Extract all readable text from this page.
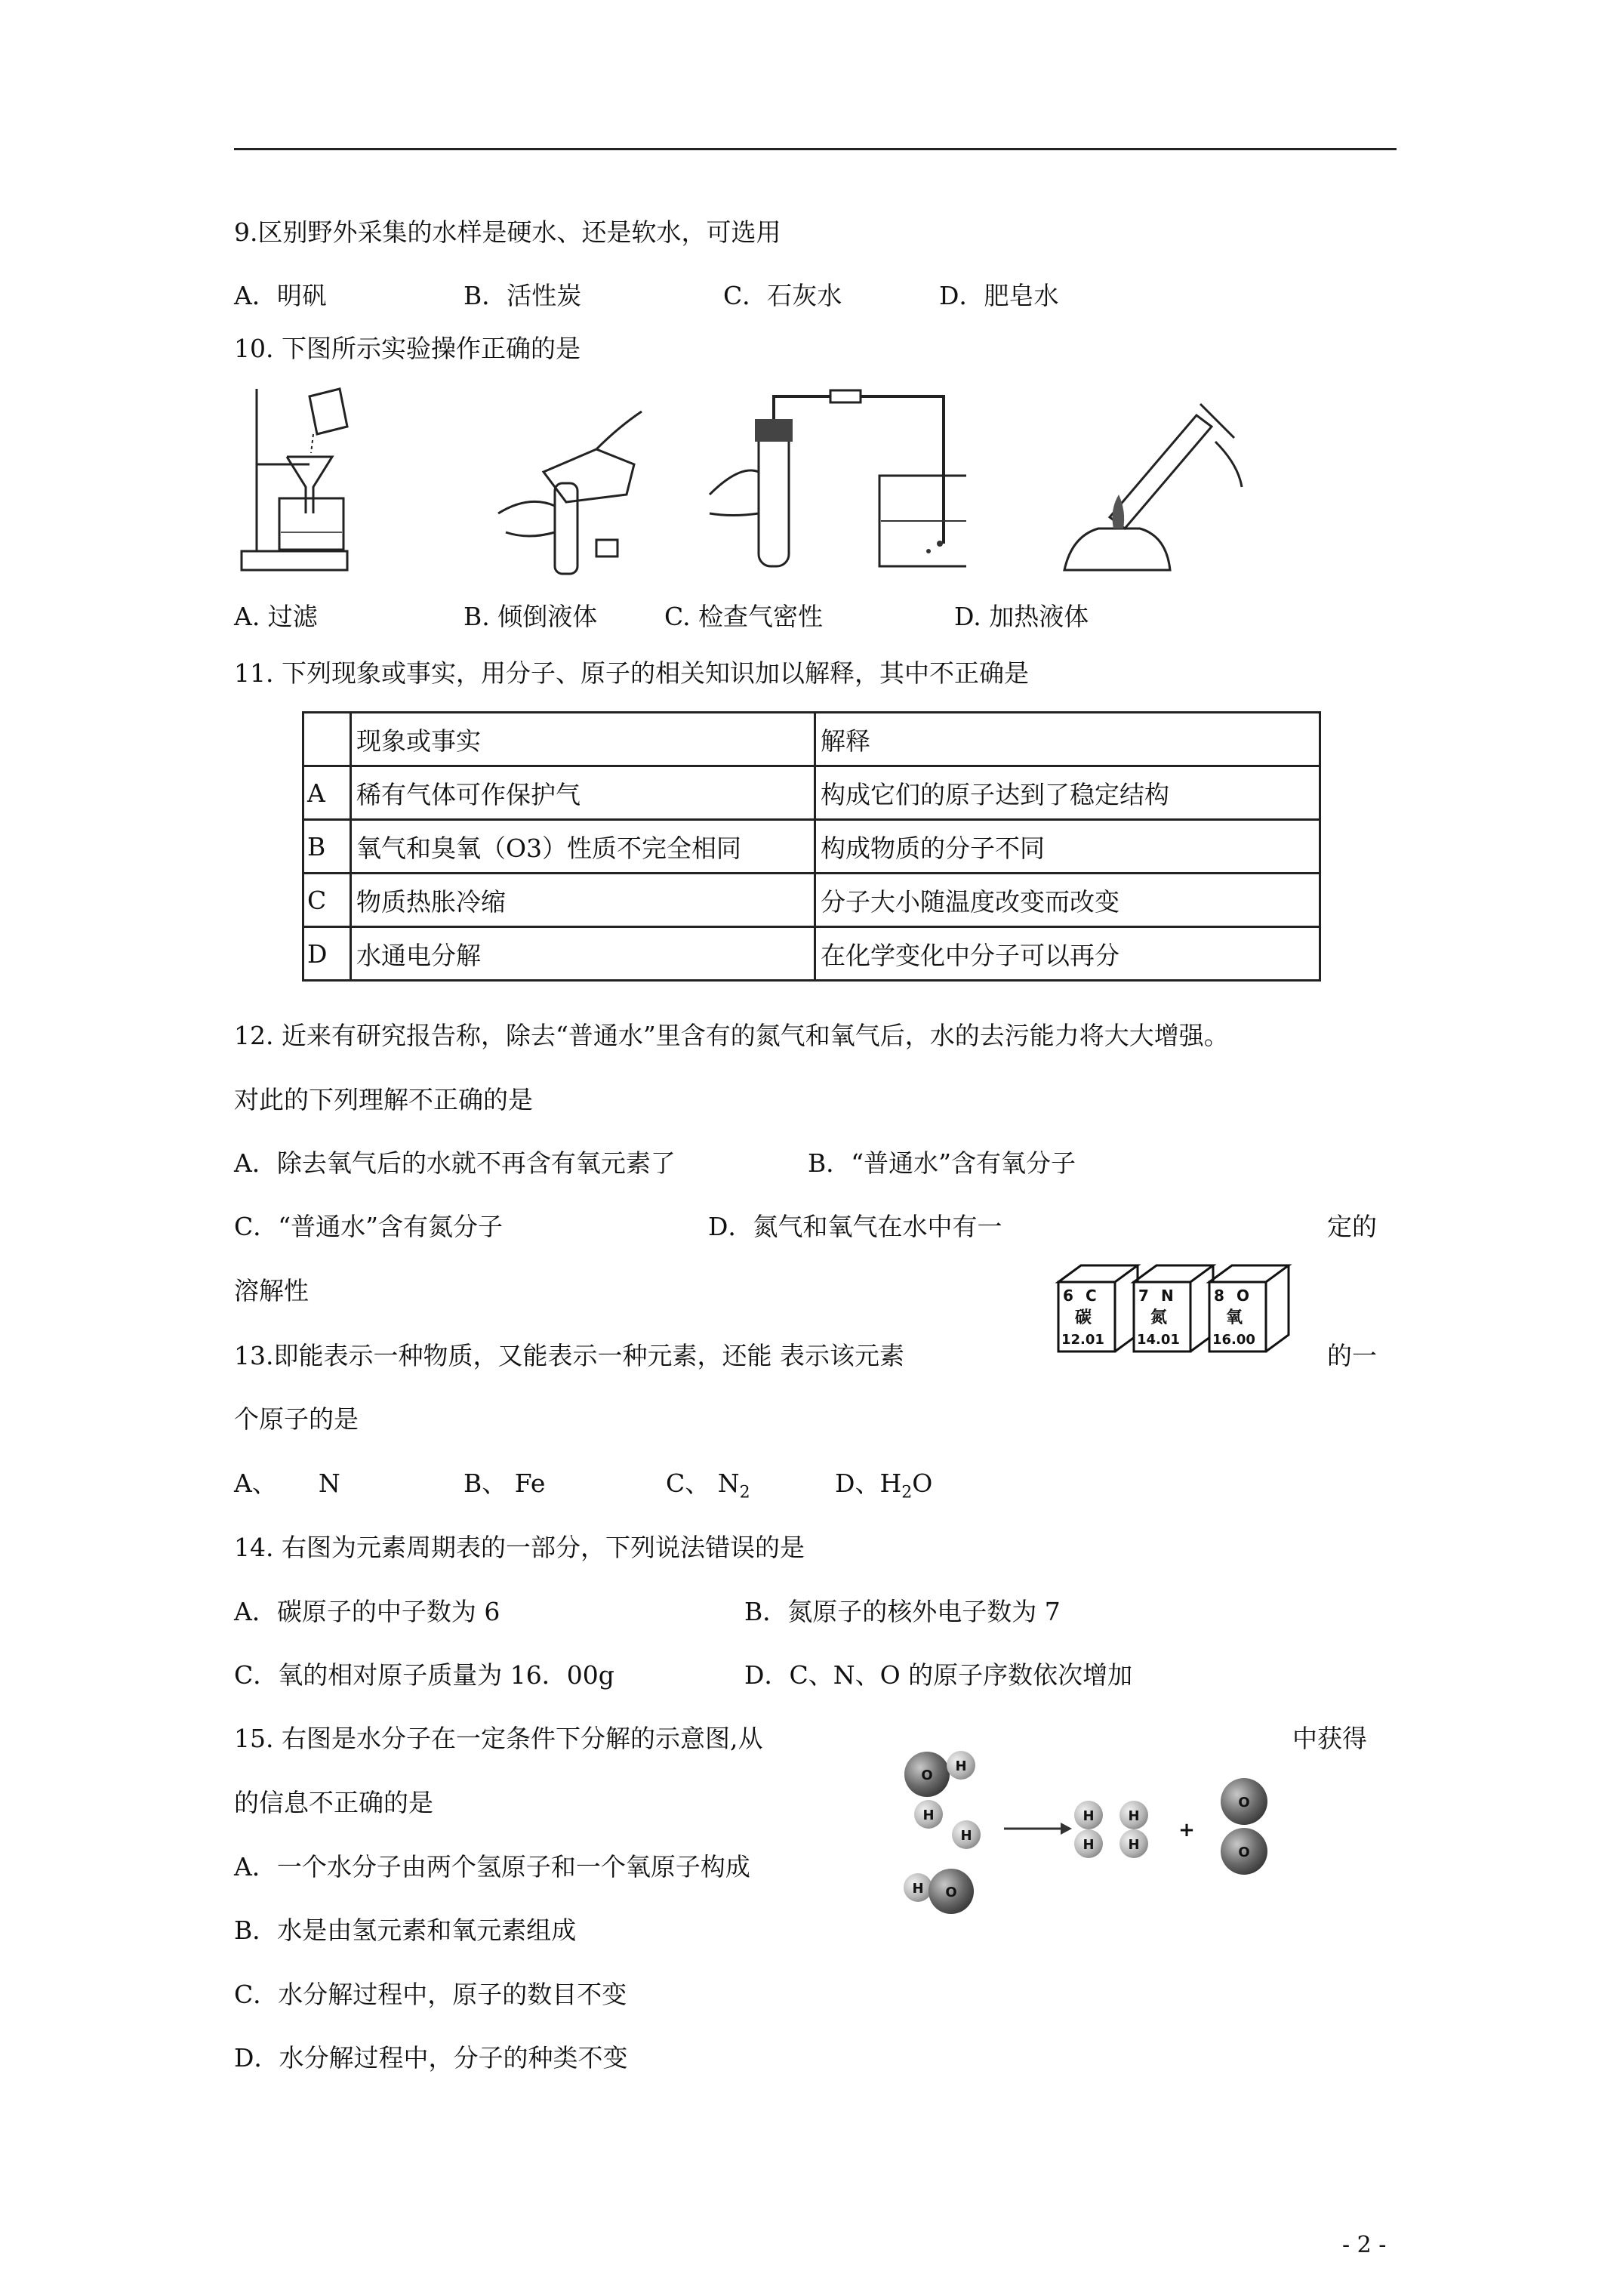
9.区别野外采集的水样是硬水、还是软水，可选用
A．明矾	B．活性炭	C．石灰水	D．肥皂水
10. 下图所示实验操作正确的是
A. 过滤	B. 倾倒液体	C. 检查气密性	D. 加热液体
11. 下列现象或事实，用分子、原子的相关知识加以解释，其中不正确是
	现象或事实	解释
A	稀有气体可作保护气	构成它们的原子达到了稳定结构
B	氧气和臭氧（O3）性质不完全相同	构成物质的分子不同
C	物质热胀冷缩	分子大小随温度改变而改变
D	水通电分解	在化学变化中分子可以再分
12. 近来有研究报告称，除去“普通水”里含有的氮气和氧气后，水的去污能力将大大增强。
对此的下列理解不正确的是
A．除去氧气后的水就不再含有氧元素了	B．“普通水”含有氧分子
C．“普通水”含有氮分子	D．氮气和氧气在水中有一	定的
溶解性	6 C
碳
12.01
7 N
氮
14.01
8 O
氧
16.00
13.即能表示一种物质，又能表示一种元素，还能 表示该元素	的一
个原子的是
A、 N	B、 Fe	C、 $N_2$	D、$H_2O$
14. 右图为元素周期表的一部分，下列说法错误的是
A．碳原子的中子数为 6	B．氮原子的核外电子数为 7
C．氧的相对原子质量为 16．00g	D．C、N、O 的原子序数依次增加
15. 右图是水分子在一定条件下分解的示意图,从	中获得
的信息不正确的是
O
H
H
H
H O
H
H
H
H
+
O
O
A．一个水分子由两个氢原子和一个氧原子构成
B．水是由氢元素和氧元素组成
C．水分解过程中，原子的数目不变
D．水分解过程中，分子的种类不变
- 2 -
